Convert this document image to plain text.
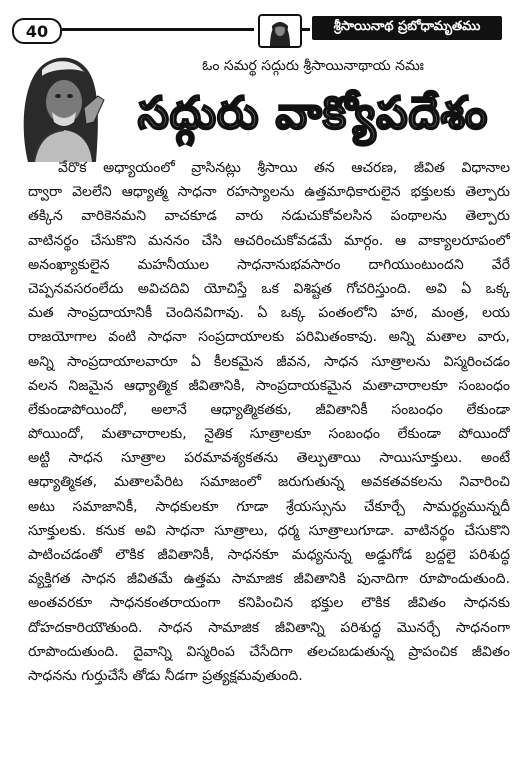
40	శ్రీసాయినాథ ప్రబోధామృతము
ఓం సమర్థ సద్గురు శ్రీసాయినాథాయ నమః
సద్గురు వాక్యోపదేశం
వేరొక అధ్యాయంలో వ్రాసినట్లు శ్రీసాయి తన ఆచరణ, జీవిత విధానాల
ద్వారా వెలలేని ఆధ్యాత్మ సాధనా రహస్యాలను ఉత్తమాధికారులైన భక్తులకు తెల్పారు
తక్కిన వారికెనమని వాచకూడ వారు నడుచుకోవలసిన పంథాలను తెల్పారు
వాటినర్థం చేసుకొని మననం చేసి ఆచరించుకోవడమే మార్గం. ఆ వాక్యాలరూపంలో
అనంఖ్యాకులైన మహనీయుల సాధనానుభవసారం దాగియుంటుందని వేరే
చెప్పనవసరంలేదు అవిచదివి యోచిస్తే ఒక విశిష్టత గోచరిస్తుంది. అవి ఏ ఒక్క
మత సాంప్రదాయానికీ చెందినవిగావు. ఏ ఒక్క పంతంలోని హఠ, మంత్ర, లయ
రాజయోగాల వంటి సాధనా సంప్రదాయాలకు పరిమితంకావు. అన్ని మతాల వారు,
అన్ని సాంప్రదాయాలవారూ ఏ కీలకమైన జీవన, సాధన సూత్రాలను విస్మరించడం
వలన నిజమైన ఆధ్యాత్మిక జీవితానికి, సాంప్రదాయకమైన మతాచారాలకూ సంబంధం
లేకుండాపోయిందో, అలానే ఆధ్యాత్మికతకు, జీవితానికీ సంబంధం లేకుండా
పోయిందో, మతాచారాలకు, నైతిక సూత్రాలకూ సంబంధం లేకుండా పోయిందో
అట్టి సాధన సూత్రాల పరమావశ్యకతను తెల్పుతాయి సాయిసూక్తులు. అంటే
ఆధ్యాత్మికత, మతాలపేరిట సమాజంలో జరుగుతున్న అవకతవకలను నివారించి
అటు సమాజానికీ, సాధకులకూ గూడా శ్రేయస్సును చేకూర్చే సామర్థ్యమున్నదీ
సూక్తులకు. కనుక అవి సాధనా సూత్రాలు, ధర్మ సూత్రాలుగూడా. వాటినర్థం చేసుకొని
పాటించడంతో లౌకిక జీవితానికీ, సాధనకూ మధ్యనున్న అడ్డుగోడ బ్రద్దలై పరిశుద్ధ
వ్యక్తిగత సాధన జీవితమే ఉత్తమ సామాజిక జీవితానికి పునాదిగా రూపొందుతుంది.
అంతవరకూ సాధనకంతరాయంగా కనిపించిన భక్తుల లౌకిక జీవితం సాధనకు
దోహదకారియౌతుంది. సాధన సామాజిక జీవితాన్ని పరిశుద్ధ మొనర్చే సాధనంగా
రూపొందుతుంది. దైవాన్ని విస్మరింప చేసేదిగా తలచబడుతున్న ప్రాపంచిక జీవితం
సాధనను గుర్తుచేసే తోడు నీడగా ప్రత్యక్షమవుతుంది.
